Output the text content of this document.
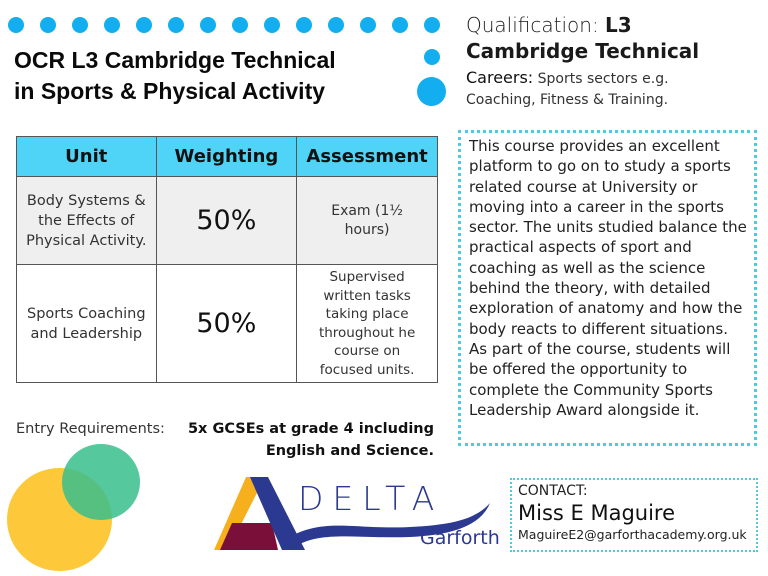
OCR L3 Cambridge Technical
in Sports & Physical Activity
Qualification: L3
Cambridge Technical
Careers: Sports sectors e.g.
Coaching, Fitness & Training.
Unit	Weighting	Assessment
Body Systems & the Effects of Physical Activity.	50%	Exam (1½ hours)
Sports Coaching and Leadership	50%	Supervised written tasks taking place throughout he course on focused units.
This course provides an excellent platform to go on to study a sports related course at University or moving into a career in the sports sector. The units studied balance the practical aspects of sport and coaching as well as the science behind the theory, with detailed exploration of anatomy and how the body reacts to different situations. As part of the course, students will be offered the opportunity to complete the Community Sports Leadership Award alongside it.
Entry Requirements: 5x GCSEs at grade 4 including
English and Science.
DELTA
Garforth
CONTACT:
Miss E Maguire
MaguireE2@garforthacademy.org.uk
